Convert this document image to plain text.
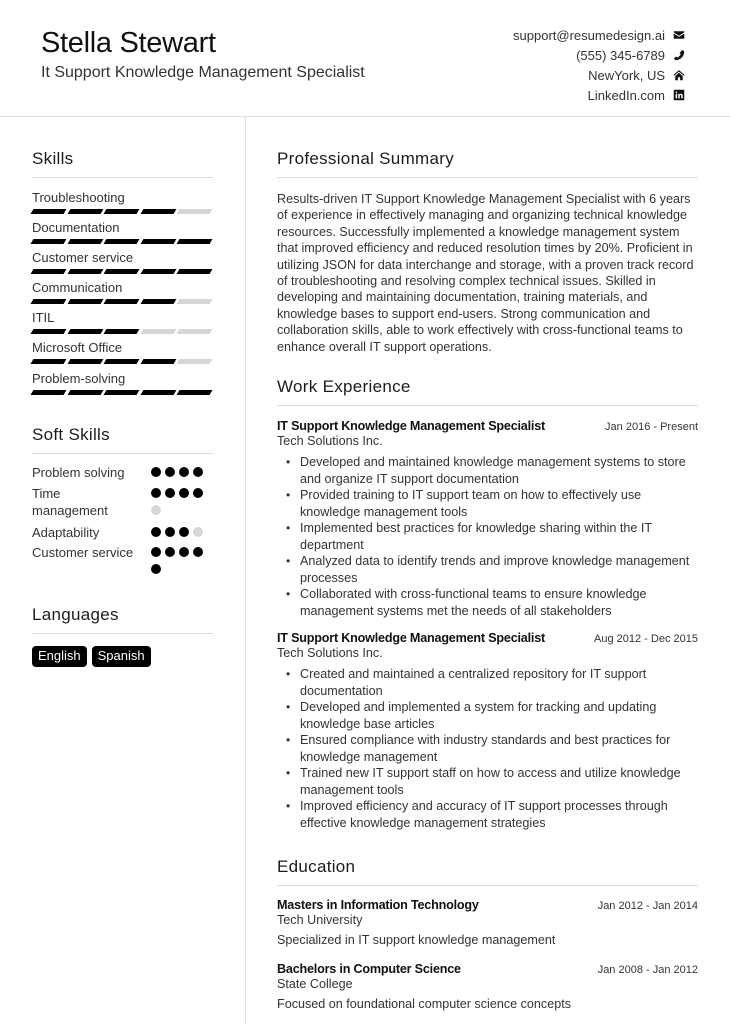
Stella Stewart
It Support Knowledge Management Specialist
support@resumedesign.ai
(555) 345-6789
NewYork, US
LinkedIn.com
Skills
Troubleshooting
Documentation
Customer service
Communication
ITIL
Microsoft Office
Problem-solving
Soft Skills
Problem solving
Time management
Adaptability
Customer service
Languages
English	Spanish
Professional Summary

Results-driven IT Support Knowledge Management Specialist with 6 years of experience in effectively managing and organizing technical knowledge resources. Successfully implemented a knowledge management system that improved efficiency and reduced resolution times by 20%. Proficient in utilizing JSON for data interchange and storage, with a proven track record of troubleshooting and resolving complex technical issues. Skilled in developing and maintaining documentation, training materials, and knowledge bases to support end-users. Strong communication and collaboration skills, able to work effectively with cross-functional teams to enhance overall IT support operations.

Work Experience
IT Support Knowledge Management Specialist	Jan 2016 - Present
Tech Solutions Inc.
• Developed and maintained knowledge management systems to store and organize IT support documentation
• Provided training to IT support team on how to effectively use knowledge management tools
• Implemented best practices for knowledge sharing within the IT department
• Analyzed data to identify trends and improve knowledge management processes
• Collaborated with cross-functional teams to ensure knowledge management systems met the needs of all stakeholders
IT Support Knowledge Management Specialist	Aug 2012 - Dec 2015
Tech Solutions Inc.
• Created and maintained a centralized repository for IT support documentation
• Developed and implemented a system for tracking and updating knowledge base articles
• Ensured compliance with industry standards and best practices for knowledge management
• Trained new IT support staff on how to access and utilize knowledge management tools
• Improved efficiency and accuracy of IT support processes through effective knowledge management strategies
Education
Masters in Information Technology	Jan 2012 - Jan 2014
Tech University
Specialized in IT support knowledge management
Bachelors in Computer Science	Jan 2008 - Jan 2012
State College
Focused on foundational computer science concepts
